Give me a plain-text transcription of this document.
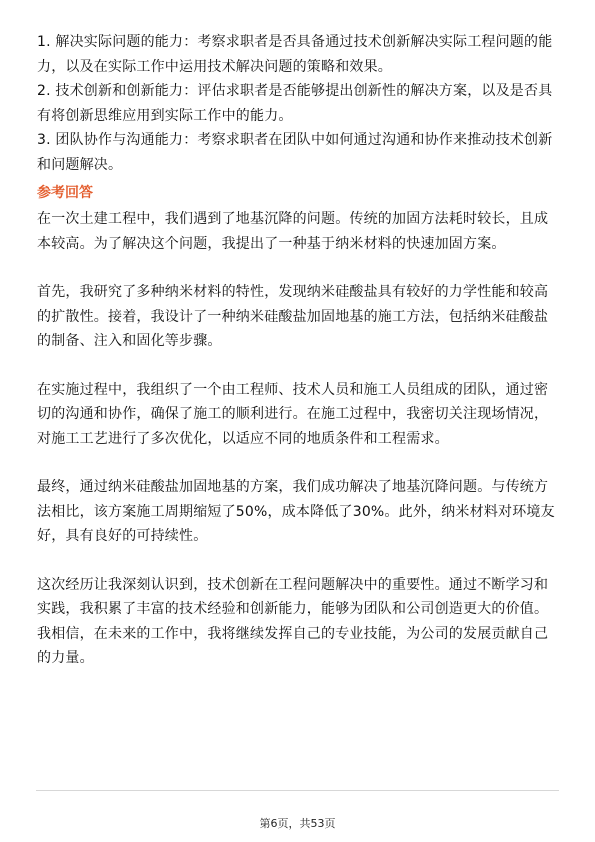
1. 解决实际问题的能力：考察求职者是否具备通过技术创新解决实际工程问题的能力，以及在实际工作中运用技术解决问题的策略和效果。

2. 技术创新和创新能力：评估求职者是否能够提出创新性的解决方案，以及是否具有将创新思维应用到实际工作中的能力。

3. 团队协作与沟通能力：考察求职者在团队中如何通过沟通和协作来推动技术创新和问题解决。

参考回答

在一次土建工程中，我们遇到了地基沉降的问题。传统的加固方法耗时较长，且成本较高。为了解决这个问题，我提出了一种基于纳米材料的快速加固方案。

首先，我研究了多种纳米材料的特性，发现纳米硅酸盐具有较好的力学性能和较高的扩散性。接着，我设计了一种纳米硅酸盐加固地基的施工方法，包括纳米硅酸盐的制备、注入和固化等步骤。

在实施过程中，我组织了一个由工程师、技术人员和施工人员组成的团队，通过密切的沟通和协作，确保了施工的顺利进行。在施工过程中，我密切关注现场情况，对施工工艺进行了多次优化，以适应不同的地质条件和工程需求。

最终，通过纳米硅酸盐加固地基的方案，我们成功解决了地基沉降问题。与传统方法相比，该方案施工周期缩短了50%，成本降低了30%。此外，纳米材料对环境友好，具有良好的可持续性。

这次经历让我深刻认识到，技术创新在工程问题解决中的重要性。通过不断学习和实践，我积累了丰富的技术经验和创新能力，能够为团队和公司创造更大的价值。我相信，在未来的工作中，我将继续发挥自己的专业技能，为公司的发展贡献自己的力量。

第6页，共53页
